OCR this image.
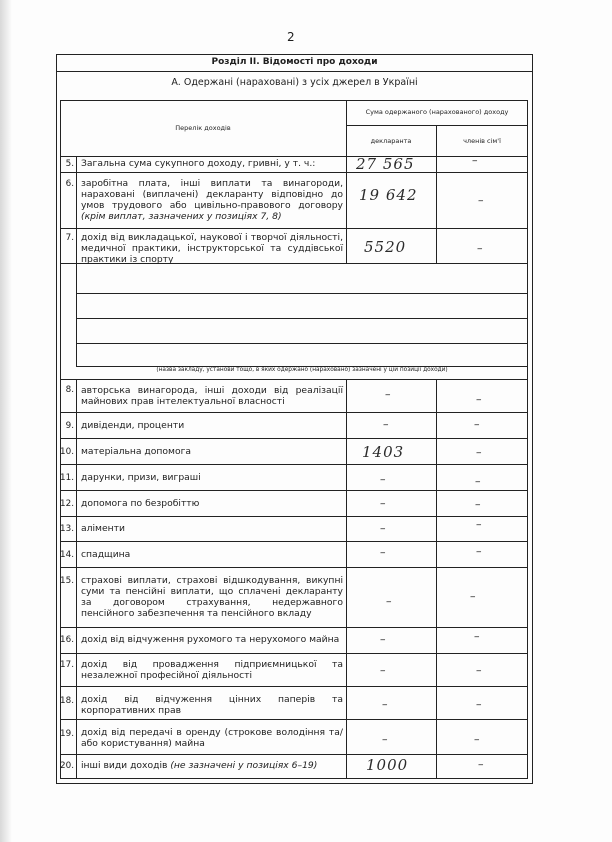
2
Розділ ІІ. Відомості про доходи
А. Одержані (нараховані) з усіх джерел в Україні
Перелік доходів
Сума одержаного (нарахованого) доходу
декларанта	членів сім'ї
(назва закладу, установи тощо, в яких одержано (нараховано) зазначені у цій позиції доходи)
5. Загальна сума сукупного доходу, гривні, у т. ч.:	27 565	–
6. заробітна плата, інші виплати та винагороди, нараховані (виплачені) декларанту відповідно до умов трудового або цивільно-правового договору (крім виплат, зазначених у позиціях 7, 8)
19 642	–
7. дохід від викладацької, наукової і творчої діяльності, медичної практики, інструкторської та суддівської практики із спорту
5520	–
8. авторська винагорода, інші доходи від реалізації майнових прав інтелектуальної власності
–	–
9. дивіденди, проценти	–	–
10. матеріальна допомога	1403	–
11. дарунки, призи, виграші	–	–
12. допомога по безробіттю	–	–
13. аліменти	–	–
14. спадщина	–	–
15. страхові виплати, страхові відшкодування, викупні суми та пенсійні виплати, що сплачені декларанту за договором страхування, недержавного пенсійного забезпечення та пенсійного вкладу
–	–
16. дохід від відчуження рухомого та нерухомого майна	–	–
17. дохід від провадження підприємницької та незалежної професійної діяльності	–	–
18. дохід від відчуження цінних паперів та корпоративних прав	–	–
19. дохід від передачі в оренду (строкове володіння та/або користування) майна	–	–
20. інші види доходів (не зазначені у позиціях 6–19)	1000	–
